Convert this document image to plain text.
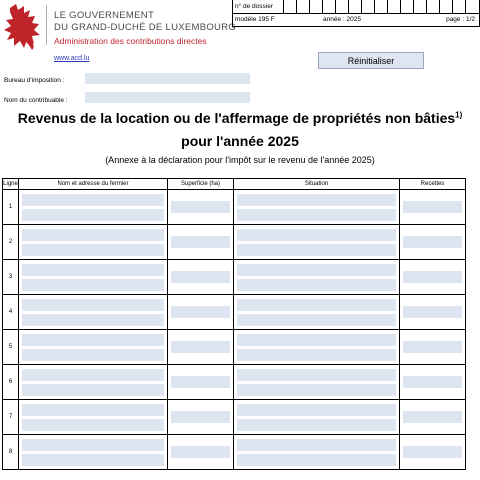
LE GOUVERNEMENT
DU GRAND-DUCHÉ DE LUXEMBOURG
Administration des contributions directes
www.acd.lu
n° de dossier
modèle 195 F	année : 2025	page : 1/2
Réinitialiser
Bureau d'imposition :
Nom du contribuable :
Revenus de la location ou de l'affermage de propriétés non bâties$^{1)}$
pour l'année 2025
(Annexe à la déclaration pour l'impôt sur le revenu de l'année 2025)
Ligne	Nom et adresse du fermier	Superficie (ha)	Situation	Recettes
1	

2	

3	

4	

5	

6	

7	

8	
